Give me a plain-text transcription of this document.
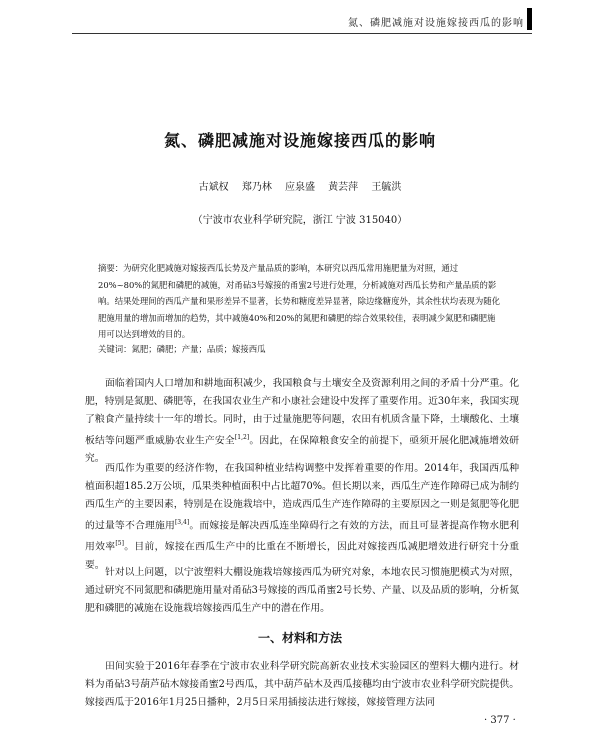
氮、磷肥减施对设施嫁接西瓜的影响
氮、磷肥减施对设施嫁接西瓜的影响
古斌权 郑乃林 应泉盛 黄芸萍 王毓洪
（宁波市农业科学研究院，浙江 宁波 315040）
摘要：为研究化肥减施对嫁接西瓜长势及产量品质的影响，本研究以西瓜常用施肥量为对照，通过20%~80%的氮肥和磷肥的减施，对甬砧3号嫁接的甬蜜2号进行处理，分析减施对西瓜长势和产量品质的影响。结果处理间的西瓜产量和果形差异不显著，长势和糖度差异显著，除边缘糖度外，其余性状均表现为随化肥施用量的增加而增加的趋势，其中减施40%和20%的氮肥和磷肥的综合效果较佳，表明减少氮肥和磷肥施用可以达到增效的目的。
关键词：氮肥；磷肥；产量；品质；嫁接西瓜
面临着国内人口增加和耕地面积减少，我国粮食与土壤安全及资源利用之间的矛盾十分严重。化肥，特别是氮肥、磷肥等，在我国农业生产和小康社会建设中发挥了重要作用。近30年来，我国实现了粮食产量持续十一年的增长。同时，由于过量施肥等问题，农田有机质含量下降，土壤酸化、土壤板结等问题严重威胁农业生产安全[1,2]。因此，在保障粮食安全的前提下，亟须开展化肥减施增效研究。
西瓜作为重要的经济作物，在我国种植业结构调整中发挥着重要的作用。2014年，我国西瓜种植面积超185.2万公顷，瓜果类种植面积中占比超70%。但长期以来，西瓜生产连作障碍已成为制约西瓜生产的主要因素，特别是在设施栽培中，造成西瓜生产连作障碍的主要原因之一则是氮肥等化肥的过量等不合理施用[3,4]。而嫁接是解决西瓜连坐障碍行之有效的方法，而且可显著提高作物水肥利用效率[5]。目前，嫁接在西瓜生产中的比重在不断增长，因此对嫁接西瓜减肥增效进行研究十分重要。
针对以上问题，以宁波塑料大棚设施栽培嫁接西瓜为研究对象，本地农民习惯施肥模式为对照，通过研究不同氮肥和磷肥施用量对甬砧3号嫁接的西瓜甬蜜2号长势、产量、以及品质的影响，分析氮肥和磷肥的减施在设施栽培嫁接西瓜生产中的潜在作用。
一、材料和方法
田间实验于2016年春季在宁波市农业科学研究院高新农业技术实验园区的塑料大棚内进行。材料为甬砧3号葫芦砧木嫁接甬蜜2号西瓜，其中葫芦砧木及西瓜接穗均由宁波市农业科学研究院提供。嫁接西瓜于2016年1月25日播种，2月5日采用插接法进行嫁接，嫁接管理方法同
· 377 ·
